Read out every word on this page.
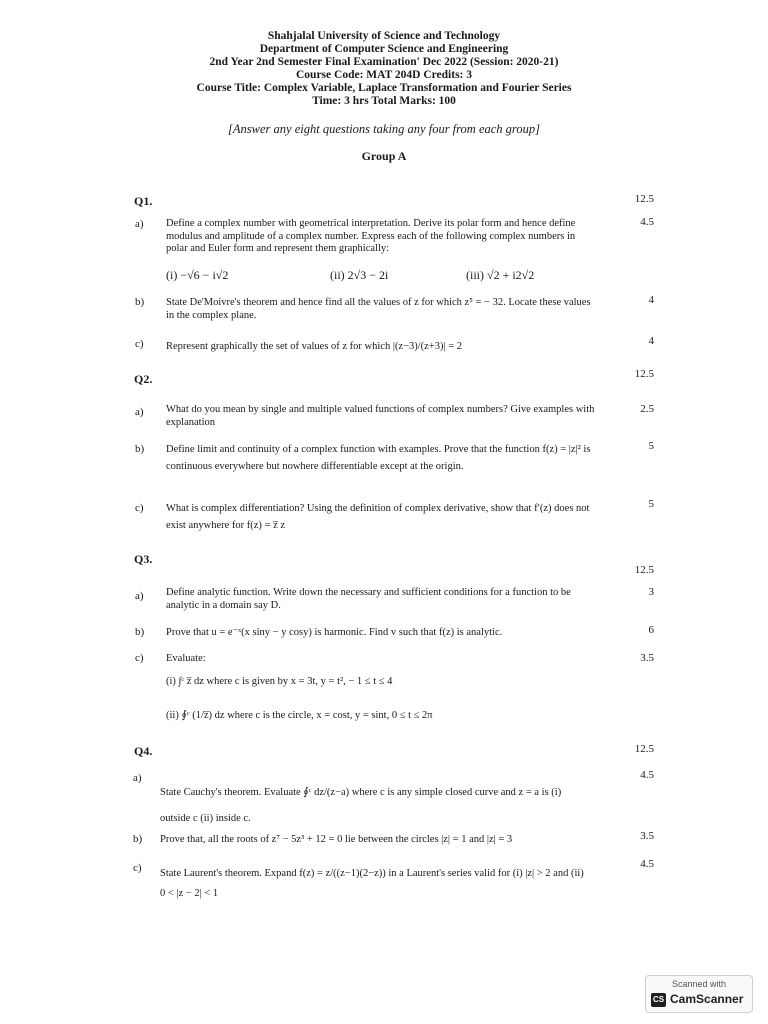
Shahjalal University of Science and Technology
Department of Computer Science and Engineering
2nd Year 2nd Semester Final Examination' Dec 2022 (Session: 2020-21)
Course Code: MAT 204D Credits: 3
Course Title: Complex Variable, Laplace Transformation and Fourier Series
Time: 3 hrs Total Marks: 100
[Answer any eight questions taking any four from each group]
Group A
Q1.	12.5
a) Define a complex number with geometrical interpretation. Derive its polar form and hence define modulus and amplitude of a complex number. Express each of the following complex numbers in polar and Euler form and represent them graphically:
4.5
(i) −√6 − i√2	(ii) 2√3 − 2i	(iii) √2 + i2√2
b) State De'Moivre's theorem and hence find all the values of z for which z⁵ = − 32. Locate these values in the complex plane.
4
c) Represent graphically the set of values of z for which |(z−3)/(z+3)| = 2	4
Q2.	12.5
a) What do you mean by single and multiple valued functions of complex numbers? Give examples with explanation
2.5
b) Define limit and continuity of a complex function with examples. Prove that the function f(z) = |z|² is continuous everywhere but nowhere differentiable except at the origin.
5
c) What is complex differentiation? Using the definition of complex derivative, show that f′(z) does not exist anywhere for f(z) = z̅ z
5
Q3.
12.5
a) Define analytic function. Write down the necessary and sufficient conditions for a function to be analytic in a domain say D.
3
b) Prove that u = e⁻ˣ(x siny − y cosy) is harmonic. Find v such that f(z) is analytic.	6
c) Evaluate:	3.5
(i) ∫ᶜ z̅ dz where c is given by x = 3t, y = t², − 1 ≤ t ≤ 4
(ii) ∮ᶜ (1/z̅) dz where c is the circle, x = cost, y = sint, 0 ≤ t ≤ 2π
Q4.	12.5
a)
State Cauchy's theorem. Evaluate ∮ᶜ dz/(z−a) where c is any simple closed curve and z = a is (i) outside c (ii) inside c.
4.5
b) Prove that, all the roots of z⁷ − 5z³ + 12 = 0 lie between the circles |z| = 1 and |z| = 3	3.5
c) State Laurent's theorem. Expand f(z) = z/((z−1)(2−z)) in a Laurent's series valid for (i) |z| > 2 and (ii) 0 < |z − 2| < 1
4.5
Scanned with
CS CamScanner
